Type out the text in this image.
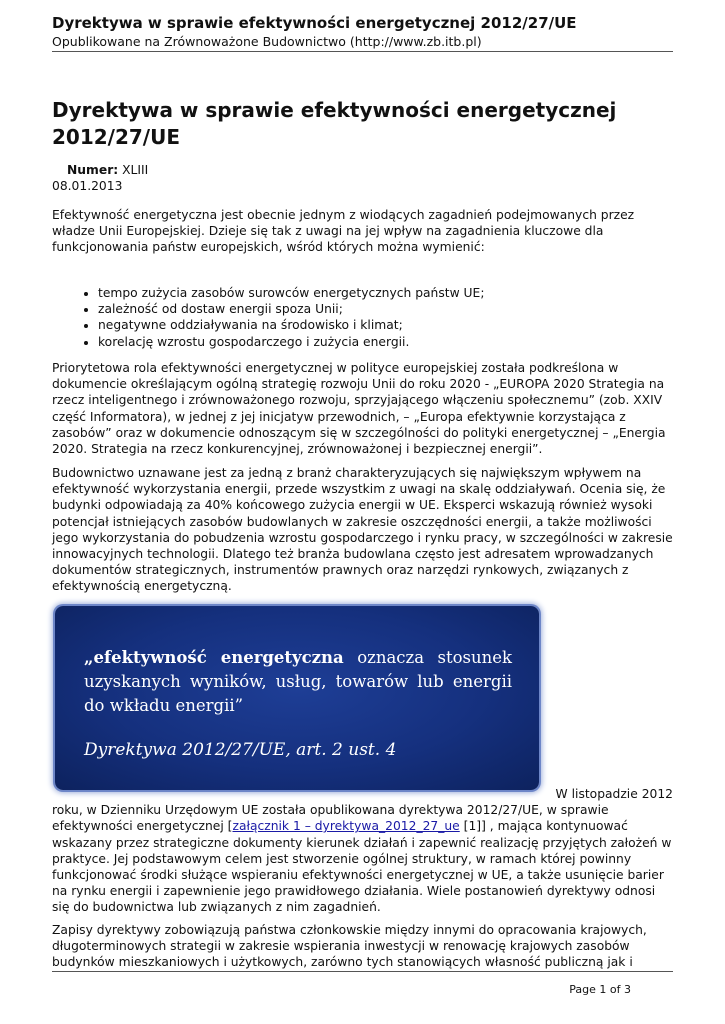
Dyrektywa w sprawie efektywności energetycznej 2012/27/UE

Opublikowane na Zrównoważone Budownictwo (http://www.zb.itb.pl)

Dyrektywa w sprawie efektywności energetycznej 2012/27/UE
Numer: XLIII
08.01.2013

Efektywność energetyczna jest obecnie jednym z wiodących zagadnień podejmowanych przez władze Unii Europejskiej. Dzieje się tak z uwagi na jej wpływ na zagadnienia kluczowe dla funkcjonowania państw europejskich, wśród których można wymienić:

• tempo zużycia zasobów surowców energetycznych państw UE;
• zależność od dostaw energii spoza Unii;
• negatywne oddziaływania na środowisko i klimat;
• korelację wzrostu gospodarczego i zużycia energii.

Priorytetowa rola efektywności energetycznej w polityce europejskiej została podkreślona w dokumencie określającym ogólną strategię rozwoju Unii do roku 2020 - „EUROPA 2020 Strategia na rzecz inteligentnego i zrównoważonego rozwoju, sprzyjającego włączeniu społecznemu” (zob. XXIV część Informatora), w jednej z jej inicjatyw przewodnich, – „Europa efektywnie korzystająca z zasobów” oraz w dokumencie odnoszącym się w szczególności do polityki energetycznej – „Energia 2020. Strategia na rzecz konkurencyjnej, zrównoważonej i bezpiecznej energii”.

Budownictwo uznawane jest za jedną z branż charakteryzujących się największym wpływem na efektywność wykorzystania energii, przede wszystkim z uwagi na skalę oddziaływań. Ocenia się, że budynki odpowiadają za 40% końcowego zużycia energii w UE. Eksperci wskazują również wysoki potencjał istniejących zasobów budowlanych w zakresie oszczędności energii, a także możliwości jego wykorzystania do pobudzenia wzrostu gospodarczego i rynku pracy, w szczególności w zakresie innowacyjnych technologii. Dlatego też branża budowlana często jest adresatem wprowadzanych dokumentów strategicznych, instrumentów prawnych oraz narzędzi rynkowych, związanych z efektywnością energetyczną.

„efektywność energetyczna oznacza stosunek uzyskanych wyników, usług, towarów lub energii do wkładu energii”
Dyrektywa 2012/27/UE, art. 2 ust. 4
W listopadzie 2012
roku, w Dzienniku Urzędowym UE została opublikowana dyrektywa 2012/27/UE, w sprawie efektywności energetycznej [załącznik 1 – dyrektywa_2012_27_ue [1]] , mająca kontynuować wskazany przez strategiczne dokumenty kierunek działań i zapewnić realizację przyjętych założeń w praktyce. Jej podstawowym celem jest stworzenie ogólnej struktury, w ramach której powinny funkcjonować środki służące wspieraniu efektywności energetycznej w UE, a także usunięcie barier na rynku energii i zapewnienie jego prawidłowego działania. Wiele postanowień dyrektywy odnosi się do budownictwa lub związanych z nim zagadnień.

Zapisy dyrektywy zobowiązują państwa członkowskie między innymi do opracowania krajowych, długoterminowych strategii w zakresie wspierania inwestycji w renowację krajowych zasobów budynków mieszkaniowych i użytkowych, zarówno tych stanowiących własność publiczną jak i

Page 1 of 3
